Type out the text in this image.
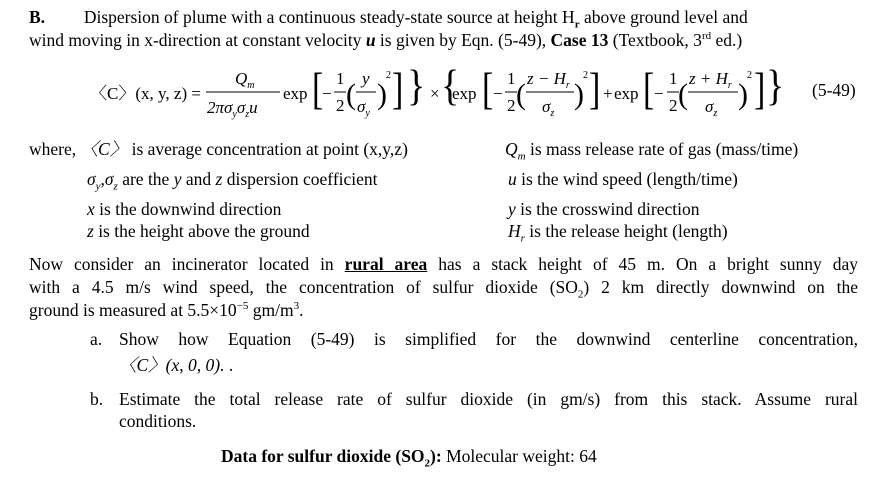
B. Dispersion of plume with a continuous steady-state source at height $H_r$ above ground level and
wind moving in x-direction at constant velocity u is given by Eqn. (5-49), Case 13 (Textbook, 3rd ed.)
〈C〉(x, y, z) =
$Q_m$
$2\pi\sigma_y\sigma_zu$
exp [
−
1
2 ( y
$\sigma_y$
)
2 ] } × {
exp [ −
1
2 ( $z - H_r$
$\sigma_z$
)
2 ] + exp [ −
1
2 ( $z + H_r$
$\sigma_z$
)
2 ] } (5-49)
where, 〈C〉 is average concentration at point (x,y,z)	$Q_m$ is mass release rate of gas (mass/time)
$\sigma_y,\sigma_z$ are the y and z dispersion coefficient	u is the wind speed (length/time)
x is the downwind direction	y is the crosswind direction
z is the height above the ground	$H_r$ is the release height (length)
Now consider an incinerator located in rural area has a stack height of 45 m. On a bright sunny day
with a 4.5 m/s wind speed, the concentration of sulfur dioxide $(SO_2)$ 2 km directly downwind on the
ground is measured at $5.5\times 10^{-5}$ $gm/m^3$.
a. Show how Equation (5-49) is simplified for the downwind centerline concentration,
〈C〉(x, 0, 0). .
b. Estimate the total release rate of sulfur dioxide (in gm/s) from this stack. Assume rural
conditions.
Data for sulfur dioxide $(SO_2)$: Molecular weight: 64
